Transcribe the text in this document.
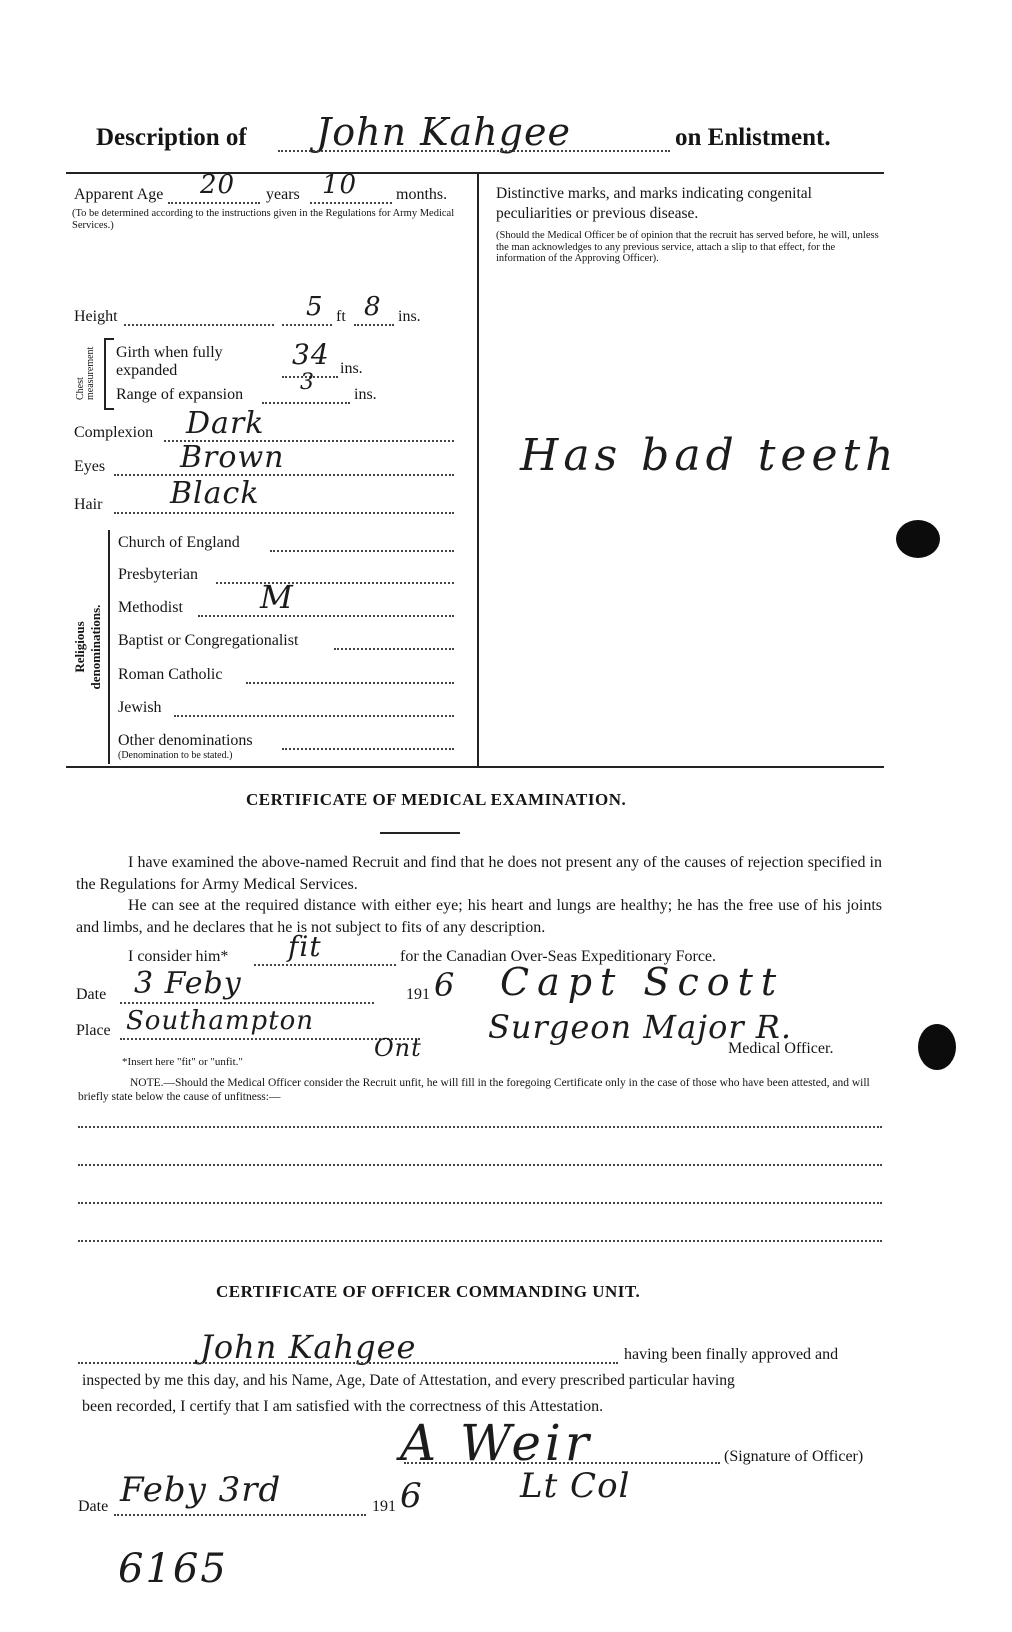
Description of John Kahgee	on Enlistment.
Apparent Age 20 years 10 months.
(To be determined according to the instructions given in the Regulations for Army Medical Services.)
Height	5 ft 8 ins.
Chest measurement Girth when fully expanded	34 ins.
Range of expansion	3 ins.
Complexion Dark
Eyes Brown
Hair Black
Religious denominations.
Church of England
Presbyterian
Methodist M
Baptist or Congregationalist
Roman Catholic
Jewish
Other denominations
(Denomination to be stated.)
Distinctive marks, and marks indicating congenital peculiarities or previous disease.
(Should the Medical Officer be of opinion that the recruit has served before, he will, unless the man acknowledges to any previous service, attach a slip to that effect, for the information of the Approving Officer).
Has bad teeth
CERTIFICATE OF MEDICAL EXAMINATION.
I have examined the above-named Recruit and find that he does not present any of the causes of rejection specified in the Regulations for Army Medical Services.
He can see at the required distance with either eye; his heart and lungs are healthy; he has the free use of his joints and limbs, and he declares that he is not subject to fits of any description.
I consider him* fit	for the Canadian Over-Seas Expeditionary Force.
Date 3 Feby	191 6 Capt Scott
Surgeon Major R.
Place Southampton
Ont	Medical Officer.
*Insert here "fit" or "unfit."
NOTE.—Should the Medical Officer consider the Recruit unfit, he will fill in the foregoing Certificate only in the case of those who have been attested, and will briefly state below the cause of unfitness:—
CERTIFICATE OF OFFICER COMMANDING UNIT.
John Kahgee	having been finally approved and
inspected by me this day, and his Name, Age, Date of Attestation, and every prescribed particular having
been recorded, I certify that I am satisfied with the correctness of this Attestation.
A Weir	(Signature of Officer)
Lt Col
Date Feby 3rd	191 6
6165
